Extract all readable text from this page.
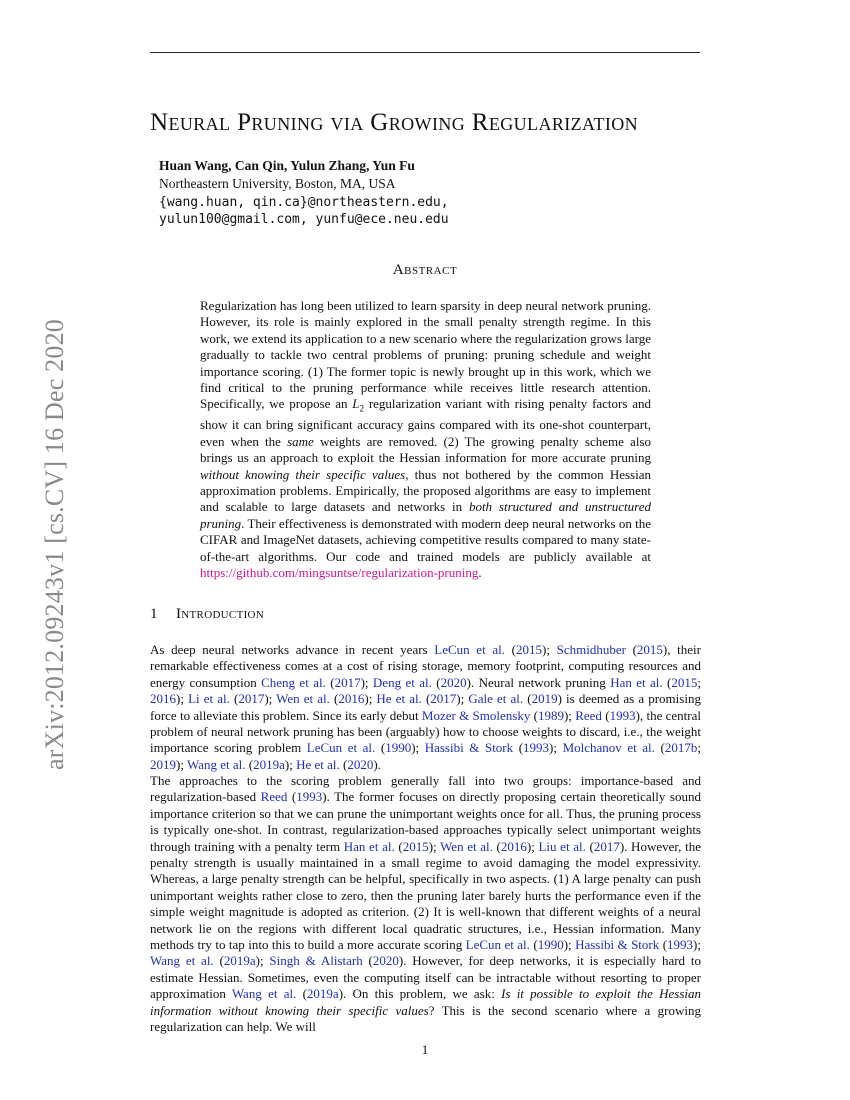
arXiv:2012.09243v1 [cs.CV] 16 Dec 2020
Neural Pruning via Growing Regularization
Huan Wang, Can Qin, Yulun Zhang, Yun Fu
Northeastern University, Boston, MA, USA
{wang.huan, qin.ca}@northeastern.edu,
yulun100@gmail.com, yunfu@ece.neu.edu
Abstract
Regularization has long been utilized to learn sparsity in deep neural network pruning. However, its role is mainly explored in the small penalty strength regime. In this work, we extend its application to a new scenario where the regularization grows large gradually to tackle two central problems of pruning: pruning schedule and weight importance scoring. (1) The former topic is newly brought up in this work, which we find critical to the pruning performance while receives little research attention. Specifically, we propose an $L_2$ regularization variant with rising penalty factors and show it can bring significant accuracy gains compared with its one-shot counterpart, even when the same weights are removed. (2) The growing penalty scheme also brings us an approach to exploit the Hessian information for more accurate pruning without knowing their specific values, thus not bothered by the common Hessian approximation problems. Empirically, the proposed algorithms are easy to implement and scalable to large datasets and networks in both structured and unstructured pruning. Their effectiveness is demonstrated with modern deep neural networks on the CIFAR and ImageNet datasets, achieving competitive results compared to many state-of-the-art algorithms. Our code and trained models are publicly available at https://github.com/mingsuntse/regularization-pruning.
1 Introduction
As deep neural networks advance in recent years LeCun et al. (2015); Schmidhuber (2015), their remarkable effectiveness comes at a cost of rising storage, memory footprint, computing resources and energy consumption Cheng et al. (2017); Deng et al. (2020). Neural network pruning Han et al. (2015; 2016); Li et al. (2017); Wen et al. (2016); He et al. (2017); Gale et al. (2019) is deemed as a promising force to alleviate this problem. Since its early debut Mozer & Smolensky (1989); Reed (1993), the central problem of neural network pruning has been (arguably) how to choose weights to discard, i.e., the weight importance scoring problem LeCun et al. (1990); Hassibi & Stork (1993); Molchanov et al. (2017b; 2019); Wang et al. (2019a); He et al. (2020).
The approaches to the scoring problem generally fall into two groups: importance-based and regularization-based Reed (1993). The former focuses on directly proposing certain theoretically sound importance criterion so that we can prune the unimportant weights once for all. Thus, the pruning process is typically one-shot. In contrast, regularization-based approaches typically select unimportant weights through training with a penalty term Han et al. (2015); Wen et al. (2016); Liu et al. (2017). However, the penalty strength is usually maintained in a small regime to avoid damaging the model expressivity. Whereas, a large penalty strength can be helpful, specifically in two aspects. (1) A large penalty can push unimportant weights rather close to zero, then the pruning later barely hurts the performance even if the simple weight magnitude is adopted as criterion. (2) It is well-known that different weights of a neural network lie on the regions with different local quadratic structures, i.e., Hessian information. Many methods try to tap into this to build a more accurate scoring LeCun et al. (1990); Hassibi & Stork (1993); Wang et al. (2019a); Singh & Alistarh (2020). However, for deep networks, it is especially hard to estimate Hessian. Sometimes, even the computing itself can be intractable without resorting to proper approximation Wang et al. (2019a). On this problem, we ask: Is it possible to exploit the Hessian information without knowing their specific values? This is the second scenario where a growing regularization can help. We will
1
